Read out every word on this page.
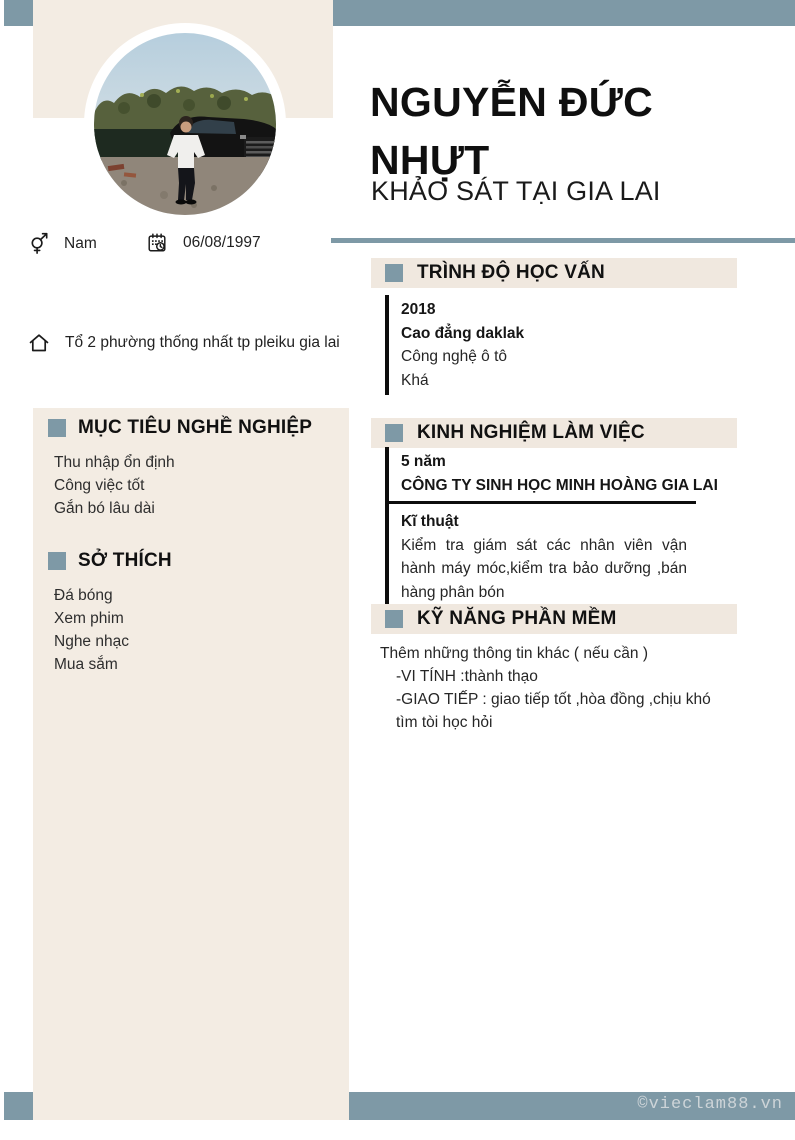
©vieclam88.vn
Nam	06/08/1997
Tổ 2 phường thống nhất tp pleiku gia lai
MỤC TIÊU NGHỀ NGHIỆP
Thu nhập ổn định
Công việc tốt
Gắn bó lâu dài
SỞ THÍCH
Đá bóng
Xem phim
Nghe nhạc
Mua sắm
NGUYỄN ĐỨC NHỰT
KHẢO SÁT TẠI GIA LAI
TRÌNH ĐỘ HỌC VẤN

2018

Cao đẳng daklak

Công nghệ ô tô

Khá

KINH NGHIỆM LÀM VIỆC

5 năm

CÔNG TY SINH HỌC MINH HOÀNG GIA LAI

Kĩ thuật

Kiểm tra giám sát các nhân viên vận hành máy móc,kiểm tra bảo dưỡng ,bán hàng phân bón

KỸ NĂNG PHẦN MỀM

Thêm những thông tin khác ( nếu cần )

-VI TÍNH :thành thạo
-GIAO TIẾP : giao tiếp tốt ,hòa đồng ,chịu khó tìm tòi học hỏi
